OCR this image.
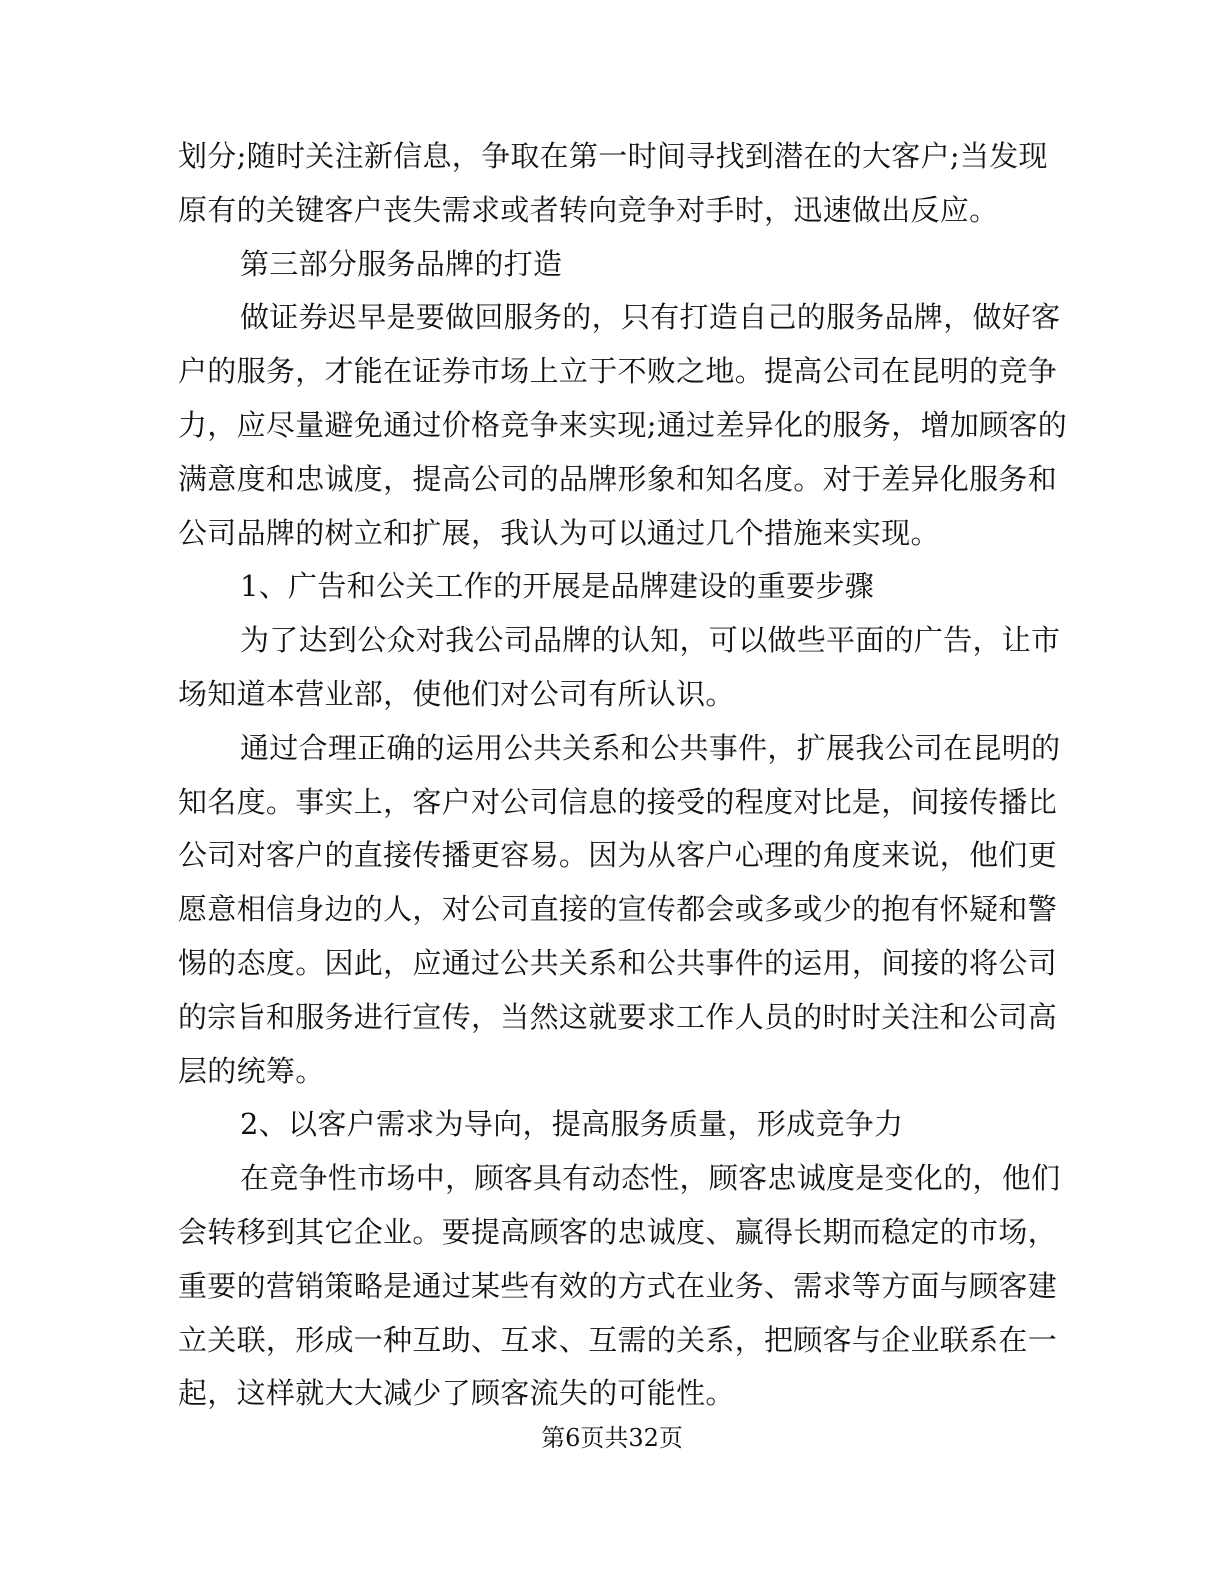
划分;随时关注新信息，争取在第一时间寻找到潜在的大客户;当发现
原有的关键客户丧失需求或者转向竞争对手时，迅速做出反应。
第三部分服务品牌的打造
做证券迟早是要做回服务的，只有打造自己的服务品牌，做好客
户的服务，才能在证券市场上立于不败之地。提高公司在昆明的竞争
力，应尽量避免通过价格竞争来实现;通过差异化的服务，增加顾客的
满意度和忠诚度，提高公司的品牌形象和知名度。对于差异化服务和
公司品牌的树立和扩展，我认为可以通过几个措施来实现。
1、广告和公关工作的开展是品牌建设的重要步骤
为了达到公众对我公司品牌的认知，可以做些平面的广告，让市
场知道本营业部，使他们对公司有所认识。
通过合理正确的运用公共关系和公共事件，扩展我公司在昆明的
知名度。事实上，客户对公司信息的接受的程度对比是，间接传播比
公司对客户的直接传播更容易。因为从客户心理的角度来说，他们更
愿意相信身边的人，对公司直接的宣传都会或多或少的抱有怀疑和警
惕的态度。因此，应通过公共关系和公共事件的运用，间接的将公司
的宗旨和服务进行宣传，当然这就要求工作人员的时时关注和公司高
层的统筹。
2、以客户需求为导向，提高服务质量，形成竞争力
在竞争性市场中，顾客具有动态性，顾客忠诚度是变化的，他们
会转移到其它企业。要提高顾客的忠诚度、赢得长期而稳定的市场，
重要的营销策略是通过某些有效的方式在业务、需求等方面与顾客建
立关联，形成一种互助、互求、互需的关系，把顾客与企业联系在一
起，这样就大大减少了顾客流失的可能性。
第6页共32页
